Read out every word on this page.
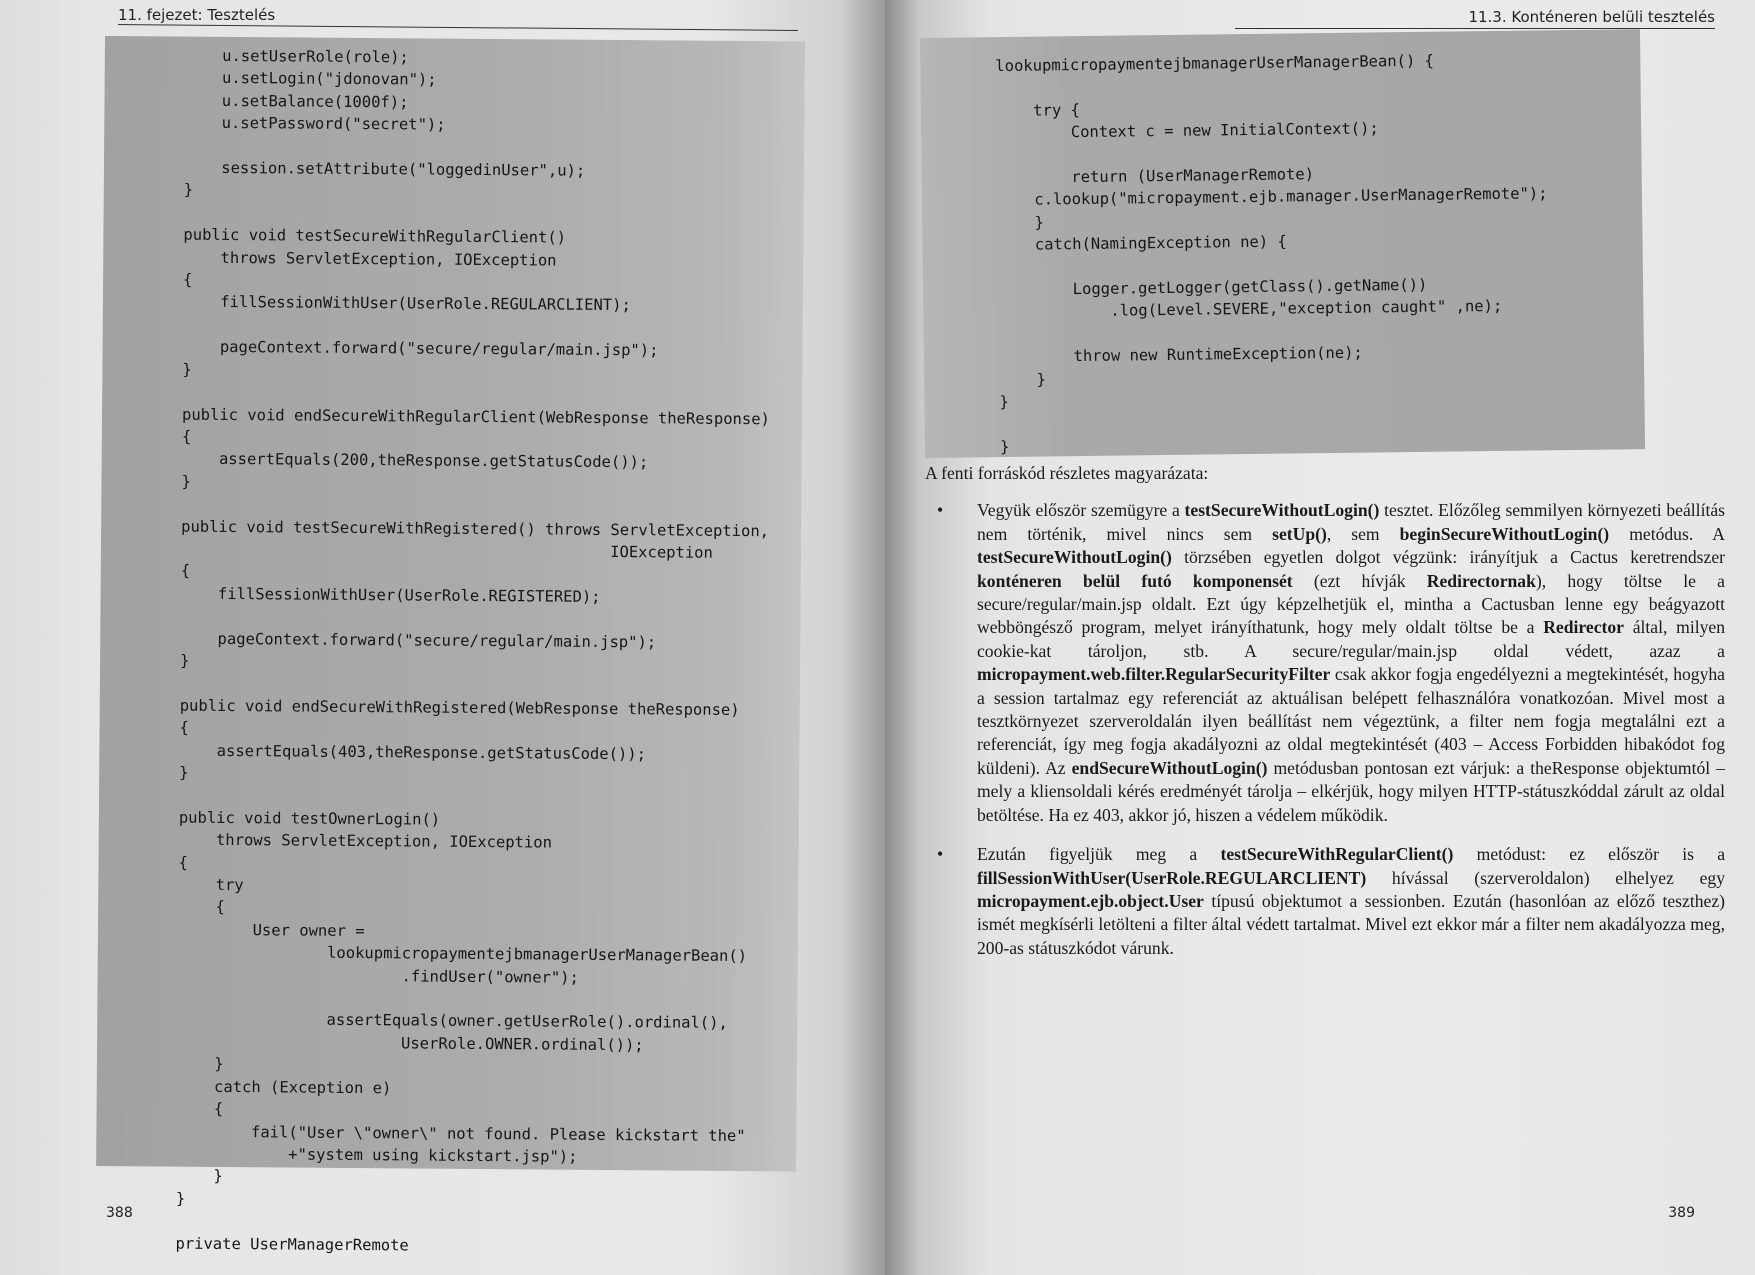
11. fejezet: Tesztelés
u.setUserRole(role);
u.setLogin("jdonovan");
u.setBalance(1000f);
u.setPassword("secret");

session.setAttribute("loggedinUser",u);
}

public void testSecureWithRegularClient()
throws ServletException, IOException
{
fillSessionWithUser(UserRole.REGULARCLIENT);

pageContext.forward("secure/regular/main.jsp");
}

public void endSecureWithRegularClient(WebResponse theResponse)
{
assertEquals(200,theResponse.getStatusCode());
}

public void testSecureWithRegistered() throws ServletException,
IOException
{
fillSessionWithUser(UserRole.REGISTERED);

pageContext.forward("secure/regular/main.jsp");
}

public void endSecureWithRegistered(WebResponse theResponse)
{
assertEquals(403,theResponse.getStatusCode());
}

public void testOwnerLogin()
throws ServletException, IOException
{
try
{
User owner =
lookupmicropaymentejbmanagerUserManagerBean()
.findUser("owner");

assertEquals(owner.getUserRole().ordinal(),
UserRole.OWNER.ordinal());
}
catch (Exception e)
{
fail("User \"owner\" not found. Please kickstart the"
+"system using kickstart.jsp");
}
}

private UserManagerRemote

388
11.3. Konténeren belüli tesztelés
lookupmicropaymentejbmanagerUserManagerBean() {

try {
Context c = new InitialContext();

return (UserManagerRemote)
c.lookup("micropayment.ejb.manager.UserManagerRemote");
}
catch(NamingException ne) {

Logger.getLogger(getClass().getName())
.log(Level.SEVERE,"exception caught" ,ne);

throw new RuntimeException(ne);
}
}

}

A fenti forráskód részletes magyarázata:

• Vegyük először szemügyre a testSecureWithoutLogin() tesztet. Előzőleg semmilyen környezeti beállítás nem történik, mivel nincs sem setUp(), sem beginSecureWithoutLogin() metódus. A testSecureWithoutLogin() törzsében egyetlen dolgot végzünk: irányítjuk a Cactus keretrendszer konténeren belül futó komponensét (ezt hívják Redirectornak), hogy töltse le a secure/regular/main.jsp oldalt. Ezt úgy képzelhetjük el, mintha a Cactusban lenne egy beágyazott webböngésző program, melyet irányíthatunk, hogy mely oldalt töltse be a Redirector által, milyen cookie-kat tároljon, stb. A secure/regular/main.jsp oldal védett, azaz a micropayment.web.filter.RegularSecurityFilter csak akkor fogja engedélyezni a megtekintését, hogyha a session tartalmaz egy referenciát az aktuálisan belépett felhasználóra vonatkozóan. Mivel most a tesztkörnyezet szerveroldalán ilyen beállítást nem végeztünk, a filter nem fogja megtalálni ezt a referenciát, így meg fogja akadályozni az oldal megtekintését (403 – Access Forbidden hibakódot fog küldeni). Az endSecureWithoutLogin() metódusban pontosan ezt várjuk: a theResponse objektumtól – mely a kliensoldali kérés eredményét tárolja – elkérjük, hogy milyen HTTP-státuszkóddal zárult az oldal betöltése. Ha ez 403, akkor jó, hiszen a védelem működik.
• Ezután figyeljük meg a testSecureWithRegularClient() metódust: ez először is a fillSessionWithUser(UserRole.REGULARCLIENT) hívással (szerveroldalon) elhelyez egy micropayment.ejb.object.User típusú objektumot a sessionben. Ezután (hasonlóan az előző teszthez) ismét megkísérli letölteni a filter által védett tartalmat. Mivel ezt ekkor már a filter nem akadályozza meg, 200-as státuszkódot várunk.
389
